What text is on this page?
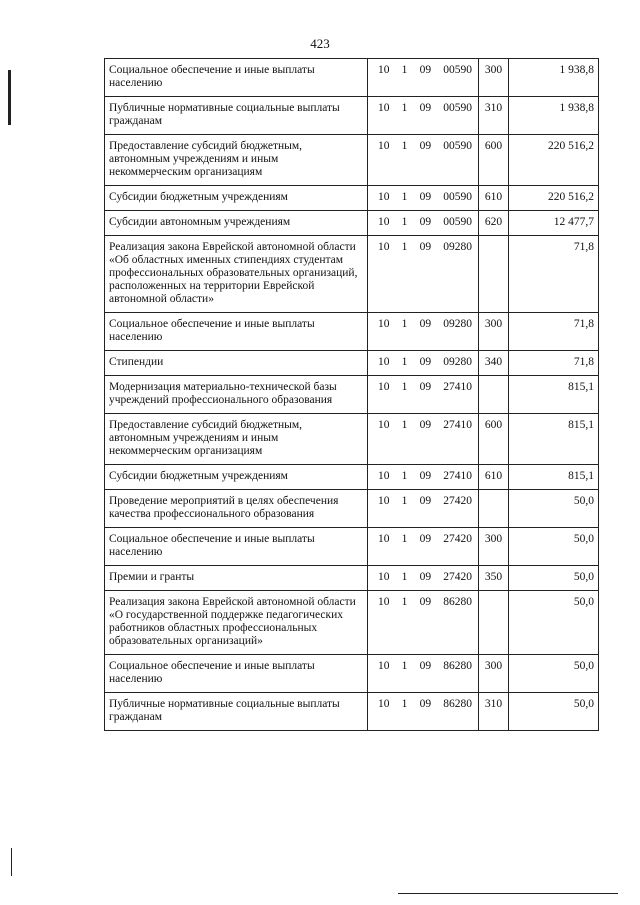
423
Социальное обеспечение и иные выплаты населению	10 1 09 00590	300	1 938,8
Публичные нормативные социальные выплаты гражданам	10 1 09 00590	310	1 938,8
Предоставление субсидий бюджетным, автономным учреждениям и иным некоммерческим организациям	10 1 09 00590	600	220 516,2
Субсидии бюджетным учреждениям	10 1 09 00590	610	220 516,2
Субсидии автономным учреждениям	10 1 09 00590	620	12 477,7
Реализация закона Еврейской автономной области «Об областных именных стипендиях студентам профессиональных образовательных организаций, расположенных на территории Еврейской автономной области»	10 1 09 09280		71,8
Социальное обеспечение и иные выплаты населению	10 1 09 09280	300	71,8
Стипендии	10 1 09 09280	340	71,8
Модернизация материально-технической базы учреждений профессионального образования	10 1 09 27410		815,1
Предоставление субсидий бюджетным, автономным учреждениям и иным некоммерческим организациям	10 1 09 27410	600	815,1
Субсидии бюджетным учреждениям	10 1 09 27410	610	815,1
Проведение мероприятий в целях обеспечения качества профессионального образования	10 1 09 27420		50,0
Социальное обеспечение и иные выплаты населению	10 1 09 27420	300	50,0
Премии и гранты	10 1 09 27420	350	50,0
Реализация закона Еврейской автономной области «О государственной поддержке педагогических работников областных профессиональных образовательных организаций»	10 1 09 86280		50,0
Социальное обеспечение и иные выплаты населению	10 1 09 86280	300	50,0
Публичные нормативные социальные выплаты гражданам	10 1 09 86280	310	50,0
